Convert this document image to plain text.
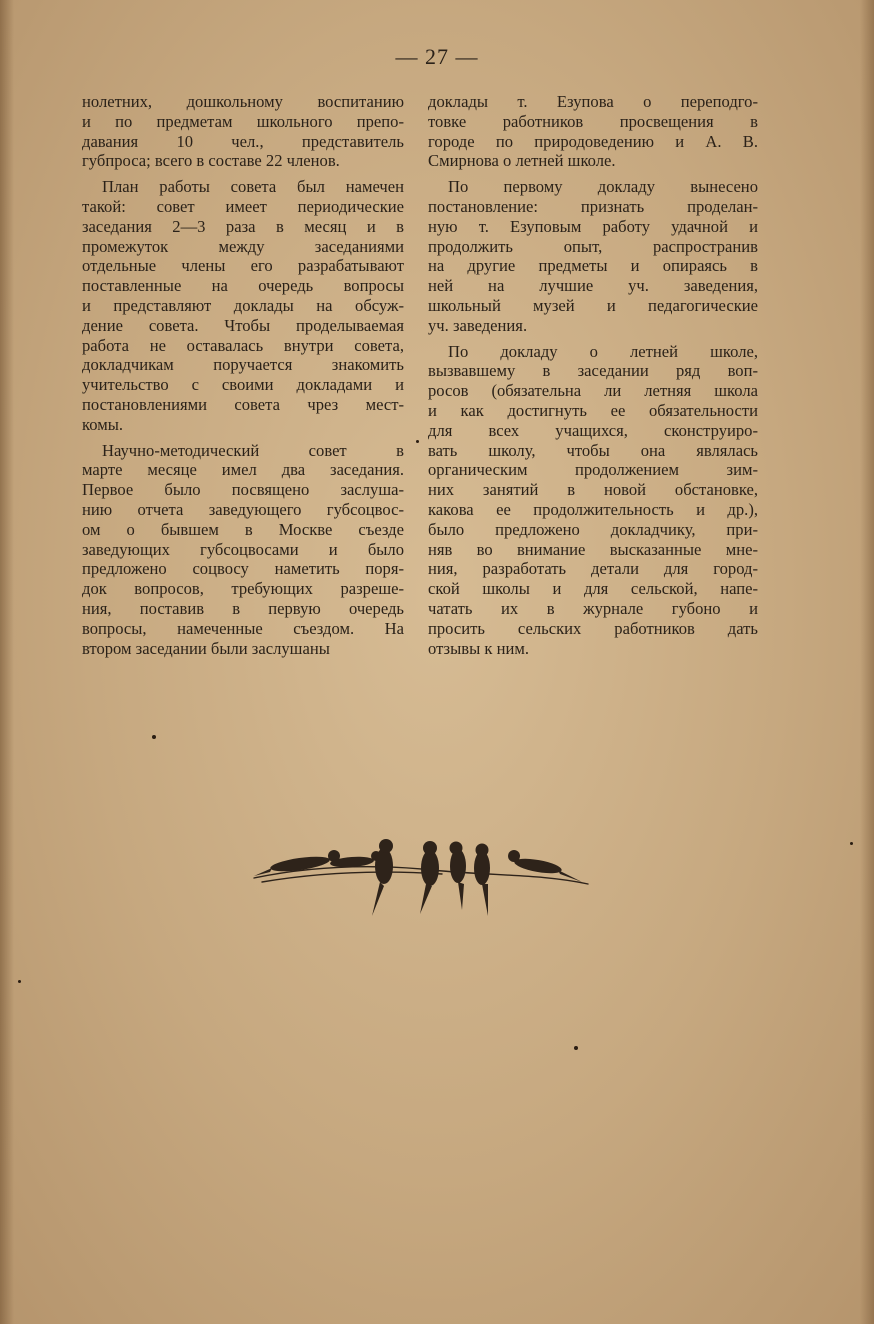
— 27 —
нолетних, дошкольному воспитанию
и по предметам школьного препо-
давания 10 чел., представитель
губпроса; всего в составе 22 членов.
План работы совета был намечен
такой: совет имеет периодические
заседания 2—3 раза в месяц и в
промежуток между заседаниями
отдельные члены его разрабатывают
поставленные на очередь вопросы
и представляют доклады на обсуж-
дение совета. Чтобы проделываемая
работа не оставалась внутри совета,
докладчикам поручается знакомить
учительство с своими докладами и
постановлениями совета чрез мест-
комы.
Научно-методический совет в
марте месяце имел два заседания.
Первое было посвящено заслуша-
нию отчета заведующего губсоцвос-
ом о бывшем в Москве съезде
заведующих губсоцвосами и было
предложено соцвосу наметить поря-
док вопросов, требующих разреше-
ния, поставив в первую очередь
вопросы, намеченные съездом. На
втором заседании были заслушаны
доклады т. Езупова о переподго-
товке работников просвещения в
городе по природоведению и А. В.
Смирнова о летней школе.
По первому докладу вынесено
постановление: признать проделан-
ную т. Езуповым работу удачной и
продолжить опыт, распространив
на другие предметы и опираясь в
ней на лучшие уч. заведения,
школьный музей и педагогические
уч. заведения.
По докладу о летней школе,
вызвавшему в заседании ряд воп-
росов (обязательна ли летняя школа
и как достигнуть ее обязательности
для всех учащихся, сконструиро-
вать школу, чтобы она являлась
органическим продолжением зим-
них занятий в новой обстановке,
какова ее продолжительность и др.),
было предложено докладчику, при-
няв во внимание высказанные мне-
ния, разработать детали для город-
ской школы и для сельской, напе-
чатать их в журнале губоно и
просить сельских работников дать
отзывы к ним.
